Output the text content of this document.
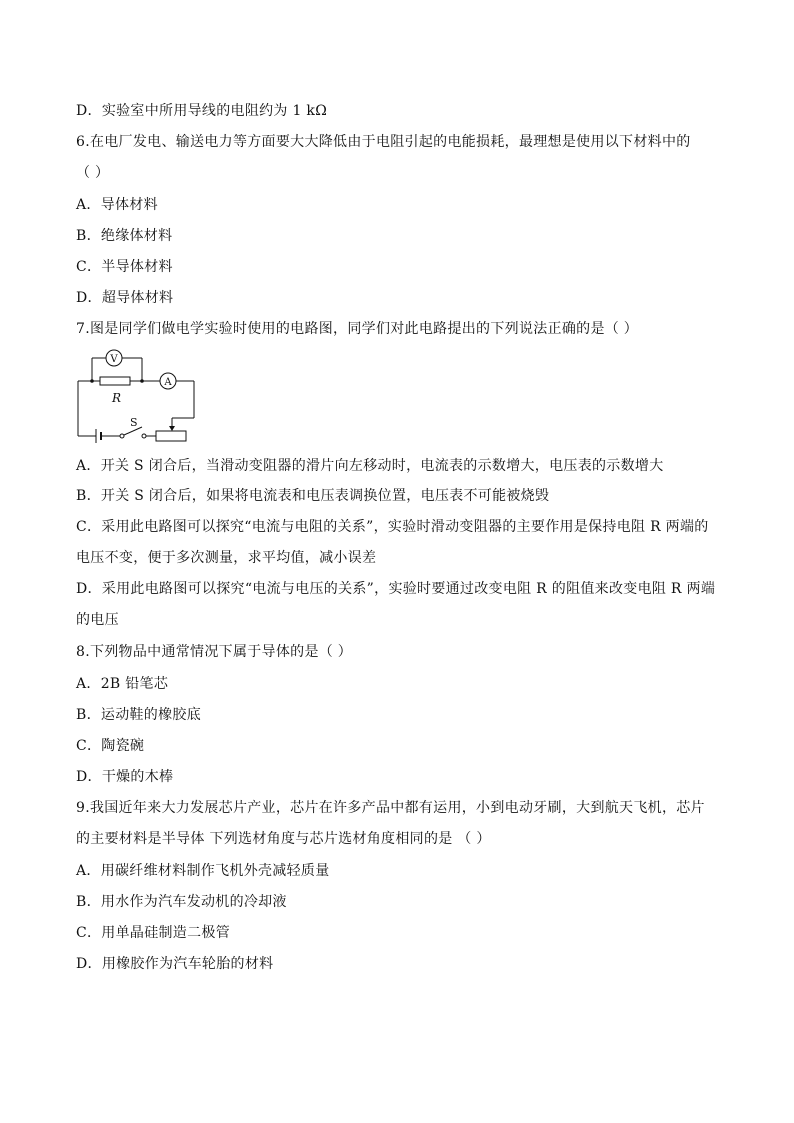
D．实验室中所用导线的电阻约为 1 kΩ
6.在电厂发电、输送电力等方面要大大降低由于电阻引起的电能损耗，最理想是使用以下材料中的
（ ）
A．导体材料
B．绝缘体材料
C．半导体材料
D．超导体材料
7.图是同学们做电学实验时使用的电路图，同学们对此电路提出的下列说法正确的是（ ）
S
R
V
A
A．开关 S 闭合后，当滑动变阻器的滑片向左移动时，电流表的示数增大，电压表的示数增大
B．开关 S 闭合后，如果将电流表和电压表调换位置，电压表不可能被烧毁
C．采用此电路图可以探究“电流与电阻的关系”，实验时滑动变阻器的主要作用是保持电阻 R 两端的
电压不变，便于多次测量，求平均值，减小误差
D．采用此电路图可以探究“电流与电压的关系”，实验时要通过改变电阻 R 的阻值来改变电阻 R 两端
的电压
8.下列物品中通常情况下属于导体的是（ ）
A．2B 铅笔芯
B．运动鞋的橡胶底
C．陶瓷碗
D．干燥的木棒
9.我国近年来大力发展芯片产业，芯片在许多产品中都有运用，小到电动牙刷，大到航天飞机，芯片
的主要材料是半导体 下列选材角度与芯片选材角度相同的是 （ ）
A．用碳纤维材料制作飞机外壳减轻质量
B．用水作为汽车发动机的冷却液
C．用单晶硅制造二极管
D．用橡胶作为汽车轮胎的材料
